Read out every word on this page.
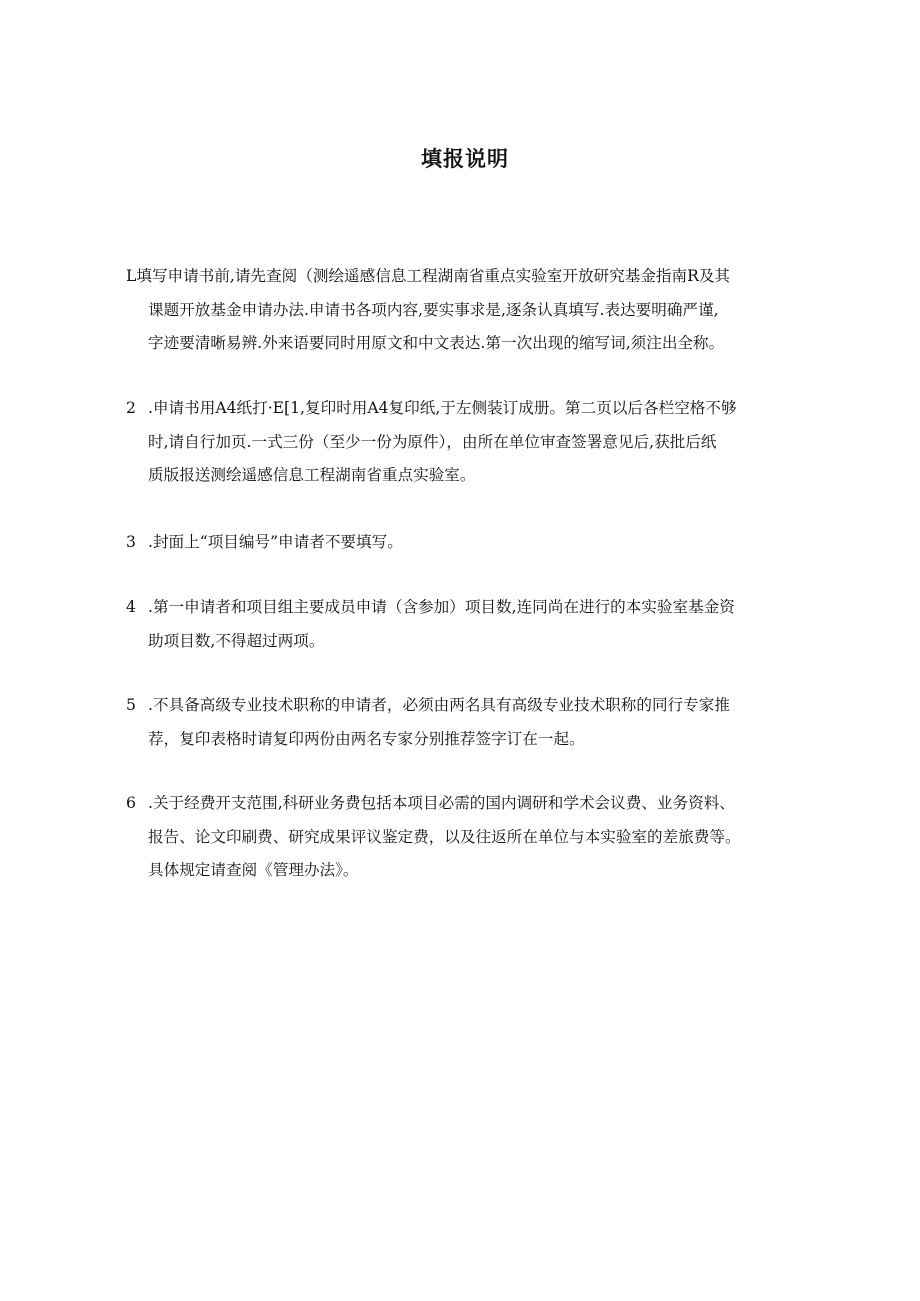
填报说明
L填写申请书前,请先查阅（测绘遥感信息工程湖南省重点实验室开放研究基金指南R及其
课题开放基金申请办法.申请书各项内容,要实事求是,逐条认真填写.表达要明确严谨,
字迹要清晰易辨.外来语要同时用原文和中文表达.第一次出现的缩写词,须注出全称。
2 .申请书用A4纸打·E[1,复印时用A4复印纸,于左侧装订成册。第二页以后各栏空格不够
时,请自行加页.一式三份（至少一份为原件），由所在单位审查签署意见后,获批后纸
质版报送测绘遥感信息工程湖南省重点实验室。
3 .封面上“项目编号”申请者不要填写。
4 .第一申请者和项目组主要成员申请（含参加）项目数,连同尚在进行的本实验室基金资
助项目数,不得超过两项。
5 .不具备高级专业技术职称的申请者，必须由两名具有高级专业技术职称的同行专家推
荐，复印表格时请复印两份由两名专家分别推荐签字订在一起。
6 .关于经费开支范围,科研业务费包括本项目必需的国内调研和学术会议费、业务资料、
报告、论文印刷费、研究成果评议鉴定费，以及往返所在单位与本实验室的差旅费等。
具体规定请查阅《管理办法》。
